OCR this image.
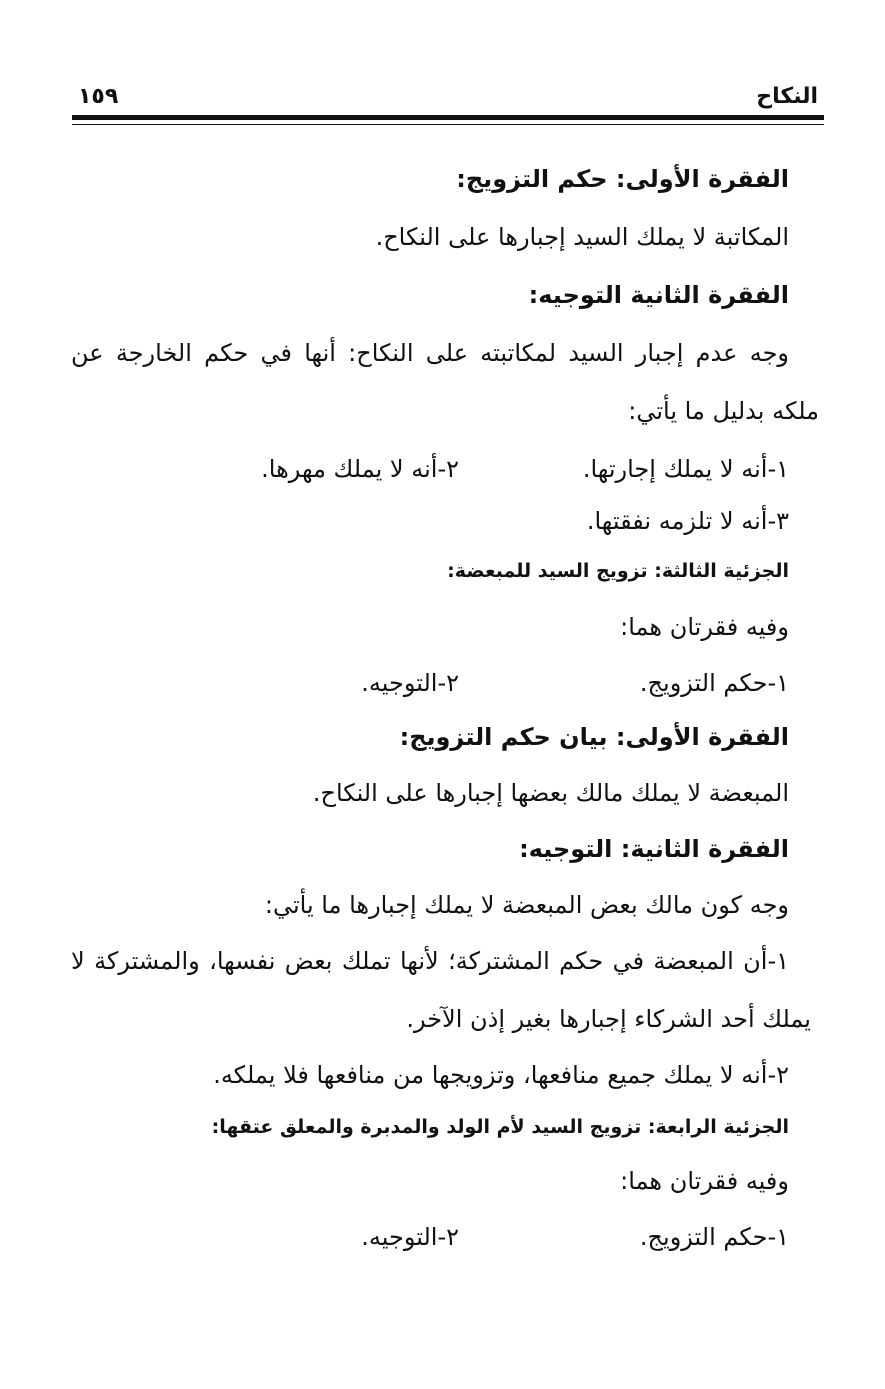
النكاح
١٥٩
الفقرة الأولى: حكم التزويج:
المكاتبة لا يملك السيد إجبارها على النكاح.
الفقرة الثانية التوجيه:
وجه عدم إجبار السيد لمكاتبته على النكاح: أنها في حكم الخارجة عن
ملكه بدليل ما يأتي:
١-أنه لا يملك إجارتها.
٢-أنه لا يملك مهرها.
٣-أنه لا تلزمه نفقتها.
الجزئية الثالثة: تزويج السيد للمبعضة:
وفيه فقرتان هما:
١-حكم التزويج.
٢-التوجيه.
الفقرة الأولى: بيان حكم التزويج:
المبعضة لا يملك مالك بعضها إجبارها على النكاح.
الفقرة الثانية: التوجيه:
وجه كون مالك بعض المبعضة لا يملك إجبارها ما يأتي:
١-أن المبعضة في حكم المشتركة؛ لأنها تملك بعض نفسها، والمشتركة لا
يملك أحد الشركاء إجبارها بغير إذن الآخر.
٢-أنه لا يملك جميع منافعها، وتزويجها من منافعها فلا يملكه.
الجزئية الرابعة: تزويج السيد لأم الولد والمدبرة والمعلق عتقها:
وفيه فقرتان هما:
١-حكم التزويج.
٢-التوجيه.
